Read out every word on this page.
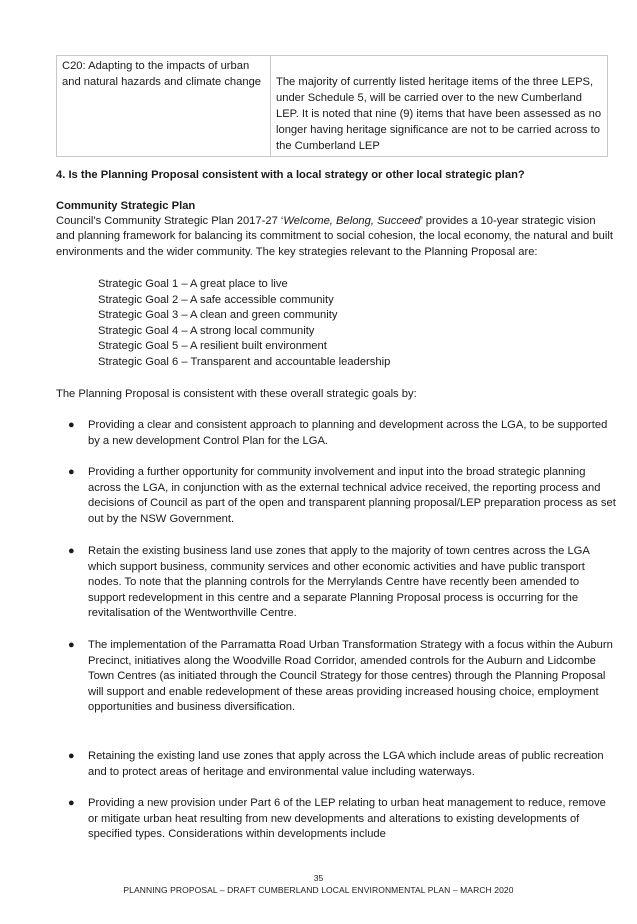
C20: Adapting to the impacts of urban and natural hazards and climate change	The majority of currently listed heritage items of the three LEPS, under Schedule 5, will be carried over to the new Cumberland LEP. It is noted that nine (9) items that have been assessed as no longer having heritage significance are not to be carried across to the Cumberland LEP
4. Is the Planning Proposal consistent with a local strategy or other local strategic plan?
Community Strategic Plan
Council’s Community Strategic Plan 2017-27 ‘Welcome, Belong, Succeed’ provides a 10-year strategic vision and planning framework for balancing its commitment to social cohesion, the local economy, the natural and built environments and the wider community. The key strategies relevant to the Planning Proposal are:
Strategic Goal 1 – A great place to live
Strategic Goal 2 – A safe accessible community
Strategic Goal 3 – A clean and green community
Strategic Goal 4 – A strong local community
Strategic Goal 5 – A resilient built environment
Strategic Goal 6 – Transparent and accountable leadership
The Planning Proposal is consistent with these overall strategic goals by:
● Providing a clear and consistent approach to planning and development across the LGA, to be supported by a new development Control Plan for the LGA.
● Providing a further opportunity for community involvement and input into the broad strategic planning across the LGA, in conjunction with as the external technical advice received, the reporting process and decisions of Council as part of the open and transparent planning proposal/LEP preparation process as set out by the NSW Government.
● Retain the existing business land use zones that apply to the majority of town centres across the LGA which support business, community services and other economic activities and have public transport nodes. To note that the planning controls for the Merrylands Centre have recently been amended to support redevelopment in this centre and a separate Planning Proposal process is occurring for the revitalisation of the Wentworthville Centre.
● The implementation of the Parramatta Road Urban Transformation Strategy with a focus within the Auburn Precinct, initiatives along the Woodville Road Corridor, amended controls for the Auburn and Lidcombe Town Centres (as initiated through the Council Strategy for those centres) through the Planning Proposal will support and enable redevelopment of these areas providing increased housing choice, employment opportunities and business diversification.
● Retaining the existing land use zones that apply across the LGA which include areas of public recreation and to protect areas of heritage and environmental value including waterways.
● Providing a new provision under Part 6 of the LEP relating to urban heat management to reduce, remove or mitigate urban heat resulting from new developments and alterations to existing developments of specified types. Considerations within developments include
35
PLANNING PROPOSAL – DRAFT CUMBERLAND LOCAL ENVIRONMENTAL PLAN – MARCH 2020
